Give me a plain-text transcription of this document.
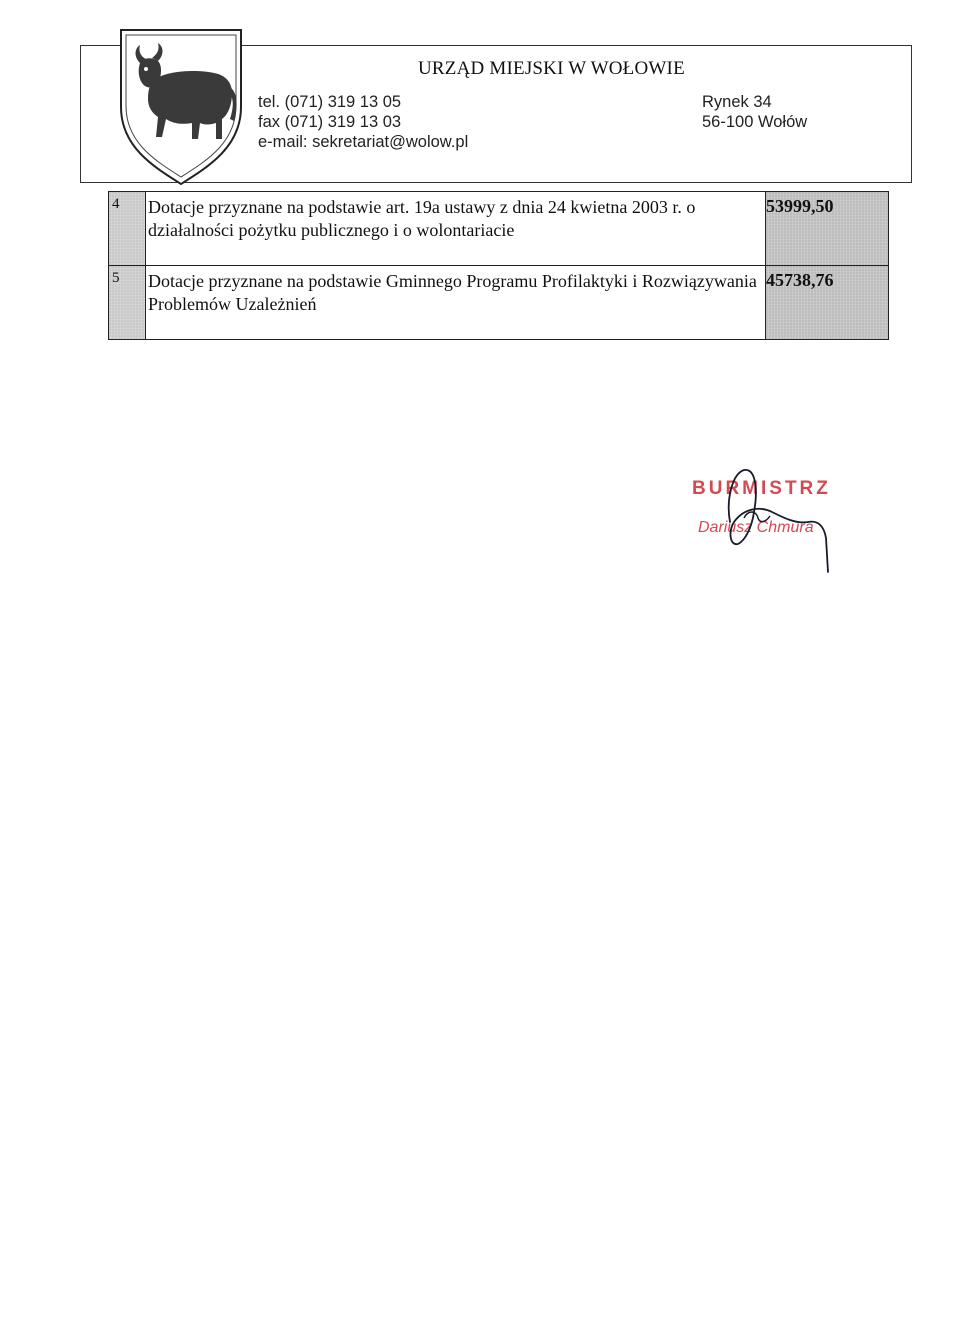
URZĄD MIEJSKI W WOŁOWIE
tel. (071) 319 13 05
fax (071) 319 13 03
e-mail: sekretariat@wolow.pl
Rynek 34
56-100 Wołów
4	Dotacje przyznane na podstawie art. 19a ustawy z dnia 24 kwietna 2003 r. o działalności pożytku publicznego i o wolontariacie	53999,50
5	Dotacje przyznane na podstawie Gminnego Programu Profilaktyki i Rozwiązywania Problemów Uzależnień	45738,76
BURMISTRZ
Dariusz Chmura
